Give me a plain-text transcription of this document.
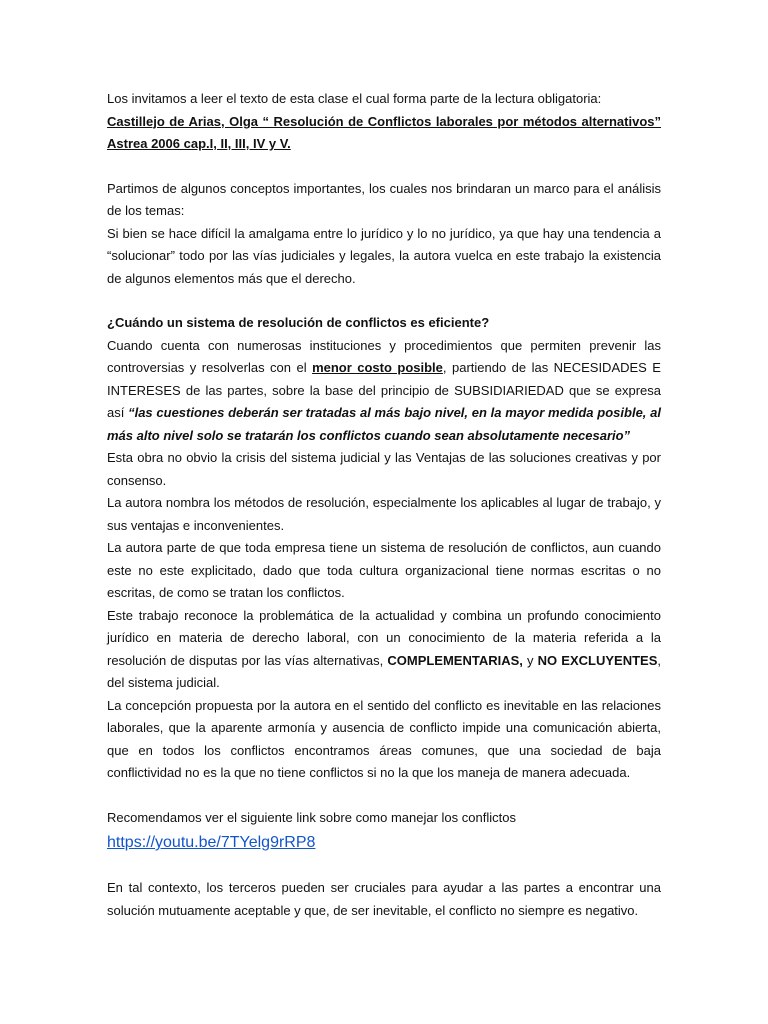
Los invitamos a leer el texto de esta clase el cual forma parte de la lectura obligatoria:

Castillejo de Arias, Olga “ Resolución de Conflictos laborales por métodos alternativos” Astrea 2006 cap.I, II, III, IV y V.

Partimos de algunos conceptos importantes, los cuales nos brindaran un marco para el análisis de los temas:

Si bien se hace difícil la amalgama entre lo jurídico y lo no jurídico, ya que hay una tendencia a “solucionar” todo por las vías judiciales y legales, la autora vuelca en este trabajo la existencia de algunos elementos más que el derecho.

¿Cuándo un sistema de resolución de conflictos es eficiente?

Cuando cuenta con numerosas instituciones y procedimientos que permiten prevenir las controversias y resolverlas con el menor costo posible, partiendo de las NECESIDADES E INTERESES de las partes, sobre la base del principio de SUBSIDIARIEDAD que se expresa así “las cuestiones deberán ser tratadas al más bajo nivel, en la mayor medida posible, al más alto nivel solo se tratarán los conflictos cuando sean absolutamente necesario”

Esta obra no obvio la crisis del sistema judicial y las Ventajas de las soluciones creativas y por consenso.

La autora nombra los métodos de resolución, especialmente los aplicables al lugar de trabajo, y sus ventajas e inconvenientes.

La autora parte de que toda empresa tiene un sistema de resolución de conflictos, aun cuando este no este explicitado, dado que toda cultura organizacional tiene normas escritas o no escritas, de como se tratan los conflictos.

Este trabajo reconoce la problemática de la actualidad y combina un profundo conocimiento jurídico en materia de derecho laboral, con un conocimiento de la materia referida a la resolución de disputas por las vías alternativas, COMPLEMENTARIAS, y NO EXCLUYENTES, del sistema judicial.

La concepción propuesta por la autora en el sentido del conflicto es inevitable en las relaciones laborales, que la aparente armonía y ausencia de conflicto impide una comunicación abierta, que en todos los conflictos encontramos áreas comunes, que una sociedad de baja conflictividad no es la que no tiene conflictos si no la que los maneja de manera adecuada.

Recomendamos ver el siguiente link sobre como manejar los conflictos

https://youtu.be/7TYelg9rRP8

En tal contexto, los terceros pueden ser cruciales para ayudar a las partes a encontrar una solución mutuamente aceptable y que, de ser inevitable, el conflicto no siempre es negativo.
